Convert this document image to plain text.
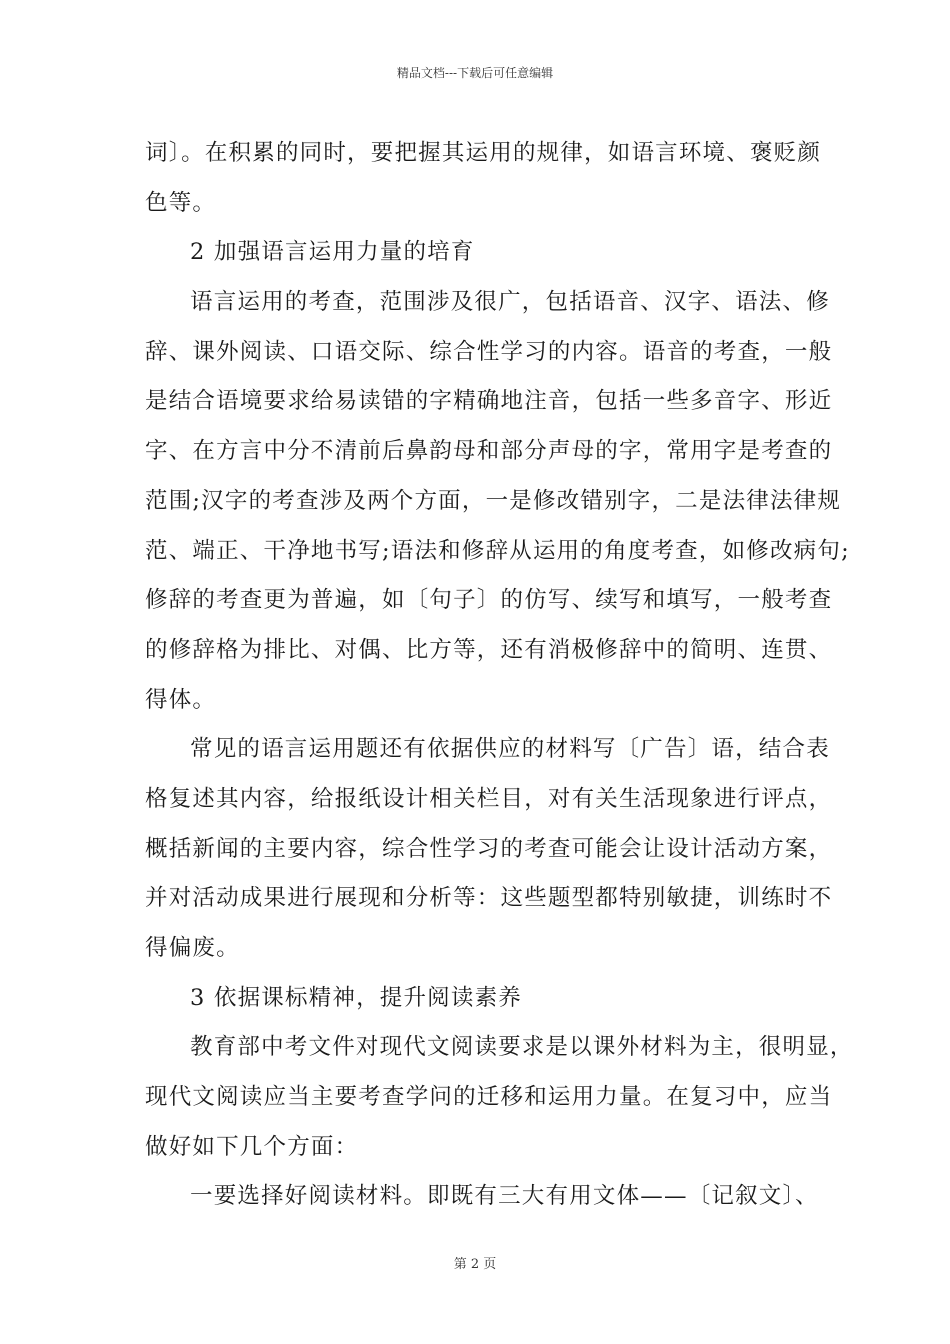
精品文档---下载后可任意编辑
词〕。在积累的同时，要把握其运用的规律，如语言环境、褒贬颜
色等。
2 加强语言运用力量的培育
语言运用的考查，范围涉及很广，包括语音、汉字、语法、修
辞、课外阅读、口语交际、综合性学习的内容。语音的考查，一般
是结合语境要求给易读错的字精确地注音，包括一些多音字、形近
字、在方言中分不清前后鼻韵母和部分声母的字，常用字是考查的
范围;汉字的考查涉及两个方面，一是修改错别字，二是法律法律规
范、端正、干净地书写;语法和修辞从运用的角度考查，如修改病句;
修辞的考查更为普遍，如〔句子〕的仿写、续写和填写，一般考查
的修辞格为排比、对偶、比方等，还有消极修辞中的简明、连贯、
得体。
常见的语言运用题还有依据供应的材料写〔广告〕语，结合表
格复述其内容，给报纸设计相关栏目，对有关生活现象进行评点，
概括新闻的主要内容，综合性学习的考查可能会让设计活动方案，
并对活动成果进行展现和分析等：这些题型都特别敏捷，训练时不
得偏废。
3 依据课标精神，提升阅读素养
教育部中考文件对现代文阅读要求是以课外材料为主，很明显，
现代文阅读应当主要考查学问的迁移和运用力量。在复习中，应当
做好如下几个方面：
一要选择好阅读材料。即既有三大有用文体——〔记叙文〕、
第 2 页
